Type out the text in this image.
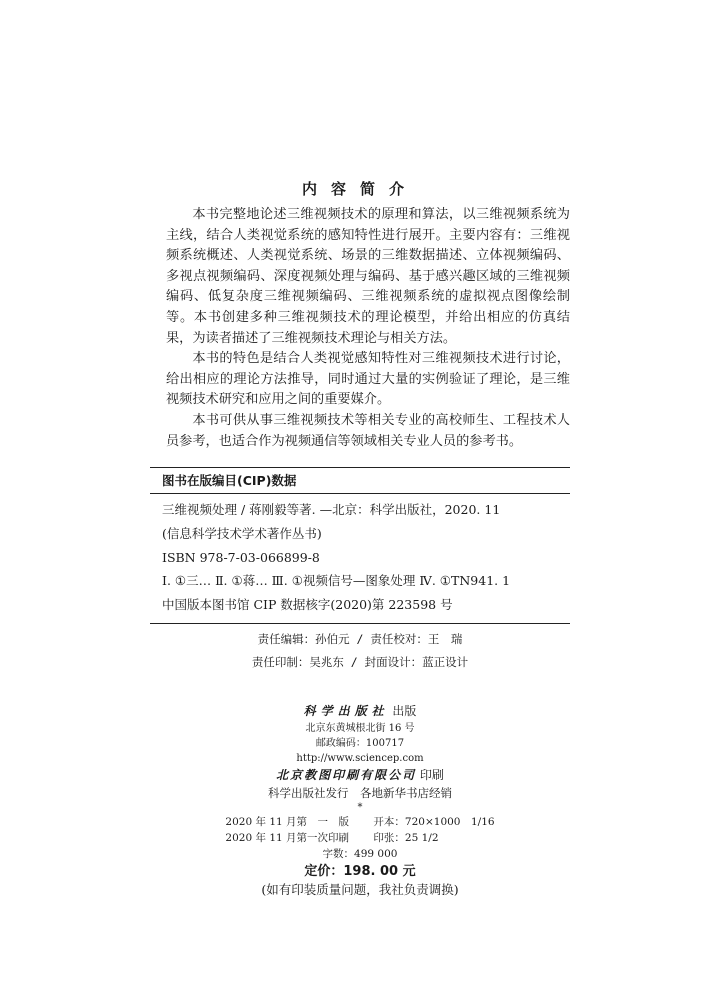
内容简介

本书完整地论述三维视频技术的原理和算法，以三维视频系统为主线，结合人类视觉系统的感知特性进行展开。主要内容有：三维视频系统概述、人类视觉系统、场景的三维数据描述、立体视频编码、多视点视频编码、深度视频处理与编码、基于感兴趣区域的三维视频编码、低复杂度三维视频编码、三维视频系统的虚拟视点图像绘制等。本书创建多种三维视频技术的理论模型，并给出相应的仿真结果，为读者描述了三维视频技术理论与相关方法。

本书的特色是结合人类视觉感知特性对三维视频技术进行讨论，给出相应的理论方法推导，同时通过大量的实例验证了理论，是三维视频技术研究和应用之间的重要媒介。

本书可供从事三维视频技术等相关专业的高校师生、工程技术人员参考，也适合作为视频通信等领域相关专业人员的参考书。

图书在版编目(CIP)数据
三维视频处理 / 蒋刚毅等著. —北京：科学出版社，2020. 11
(信息科学技术学术著作丛书)
ISBN 978-7-03-066899-8
Ⅰ. ①三… Ⅱ. ①蒋… Ⅲ. ①视频信号—图象处理 Ⅳ. ①TN941. 1
中国版本图书馆 CIP 数据核字(2020)第 223598 号
责任编辑：孙伯元 / 责任校对：王　瑞
责任印制：吴兆东 / 封面设计：蓝正设计
科学出版社 出版
北京东黄城根北街 16 号
邮政编码：100717
http://www.sciencep.com
北京教图印刷有限公司 印刷
科学出版社发行　各地新华书店经销
*
2020 年 11 月第　一　版 开本：720×1000　1/16
2020 年 11 月第一次印刷 印张：25 1/2
字数：499 000
定价：198. 00 元
(如有印装质量问题，我社负责调换)
